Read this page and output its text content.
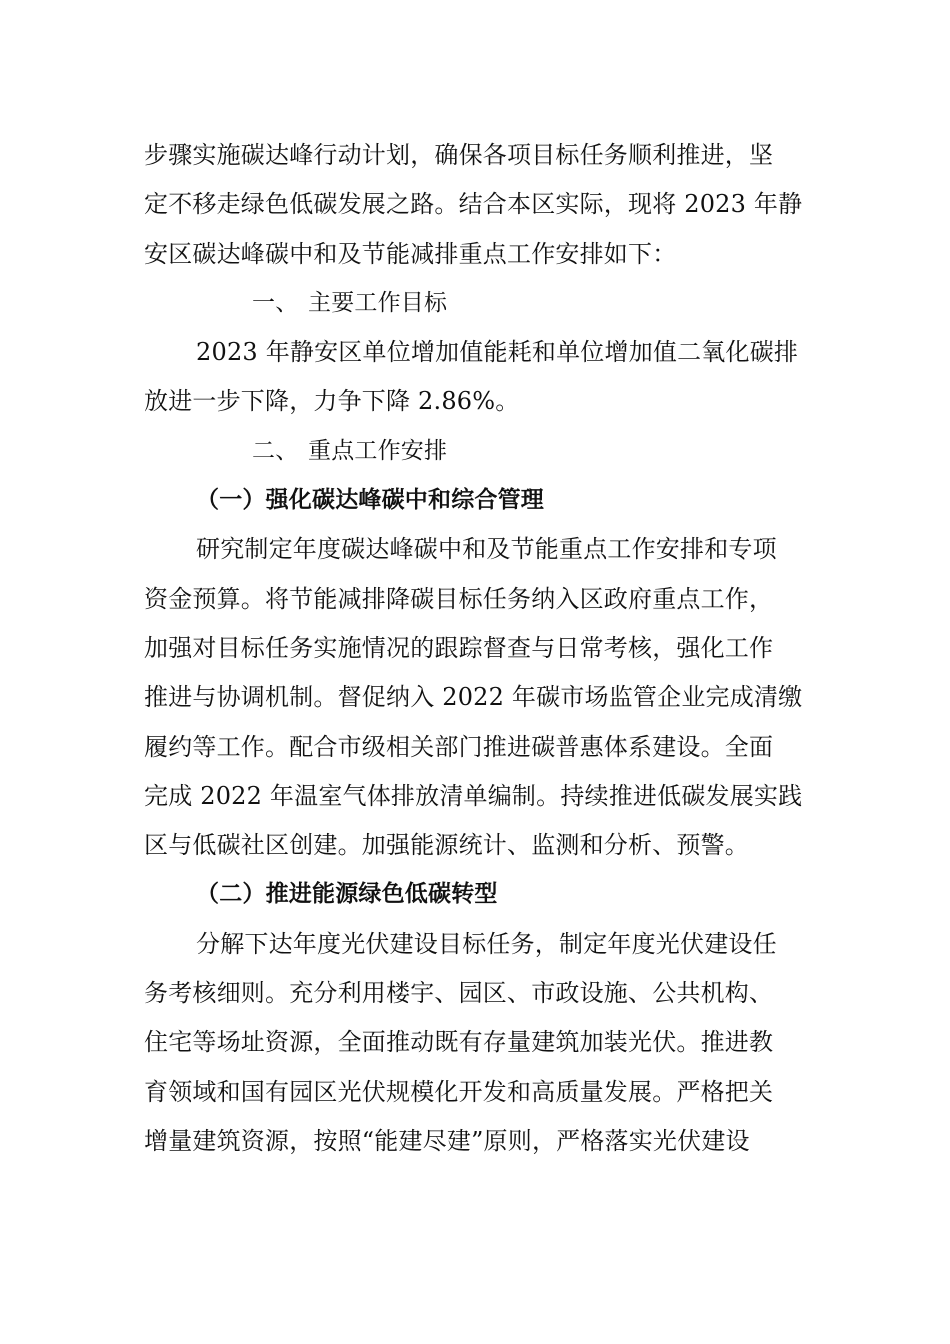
步骤实施碳达峰行动计划，确保各项目标任务顺利推进，坚
定不移走绿色低碳发展之路。结合本区实际，现将 2023 年静
安区碳达峰碳中和及节能减排重点工作安排如下：
一、 主要工作目标
2023 年静安区单位增加值能耗和单位增加值二氧化碳排
放进一步下降，力争下降 2.86%。
二、 重点工作安排
（一）强化碳达峰碳中和综合管理
研究制定年度碳达峰碳中和及节能重点工作安排和专项
资金预算。将节能减排降碳目标任务纳入区政府重点工作，
加强对目标任务实施情况的跟踪督查与日常考核，强化工作
推进与协调机制。督促纳入 2022 年碳市场监管企业完成清缴
履约等工作。配合市级相关部门推进碳普惠体系建设。全面
完成 2022 年温室气体排放清单编制。持续推进低碳发展实践
区与低碳社区创建。加强能源统计、监测和分析、预警。
（二）推进能源绿色低碳转型
分解下达年度光伏建设目标任务，制定年度光伏建设任
务考核细则。充分利用楼宇、园区、市政设施、公共机构、
住宅等场址资源，全面推动既有存量建筑加装光伏。推进教
育领域和国有园区光伏规模化开发和高质量发展。严格把关
增量建筑资源，按照“能建尽建”原则，严格落实光伏建设
